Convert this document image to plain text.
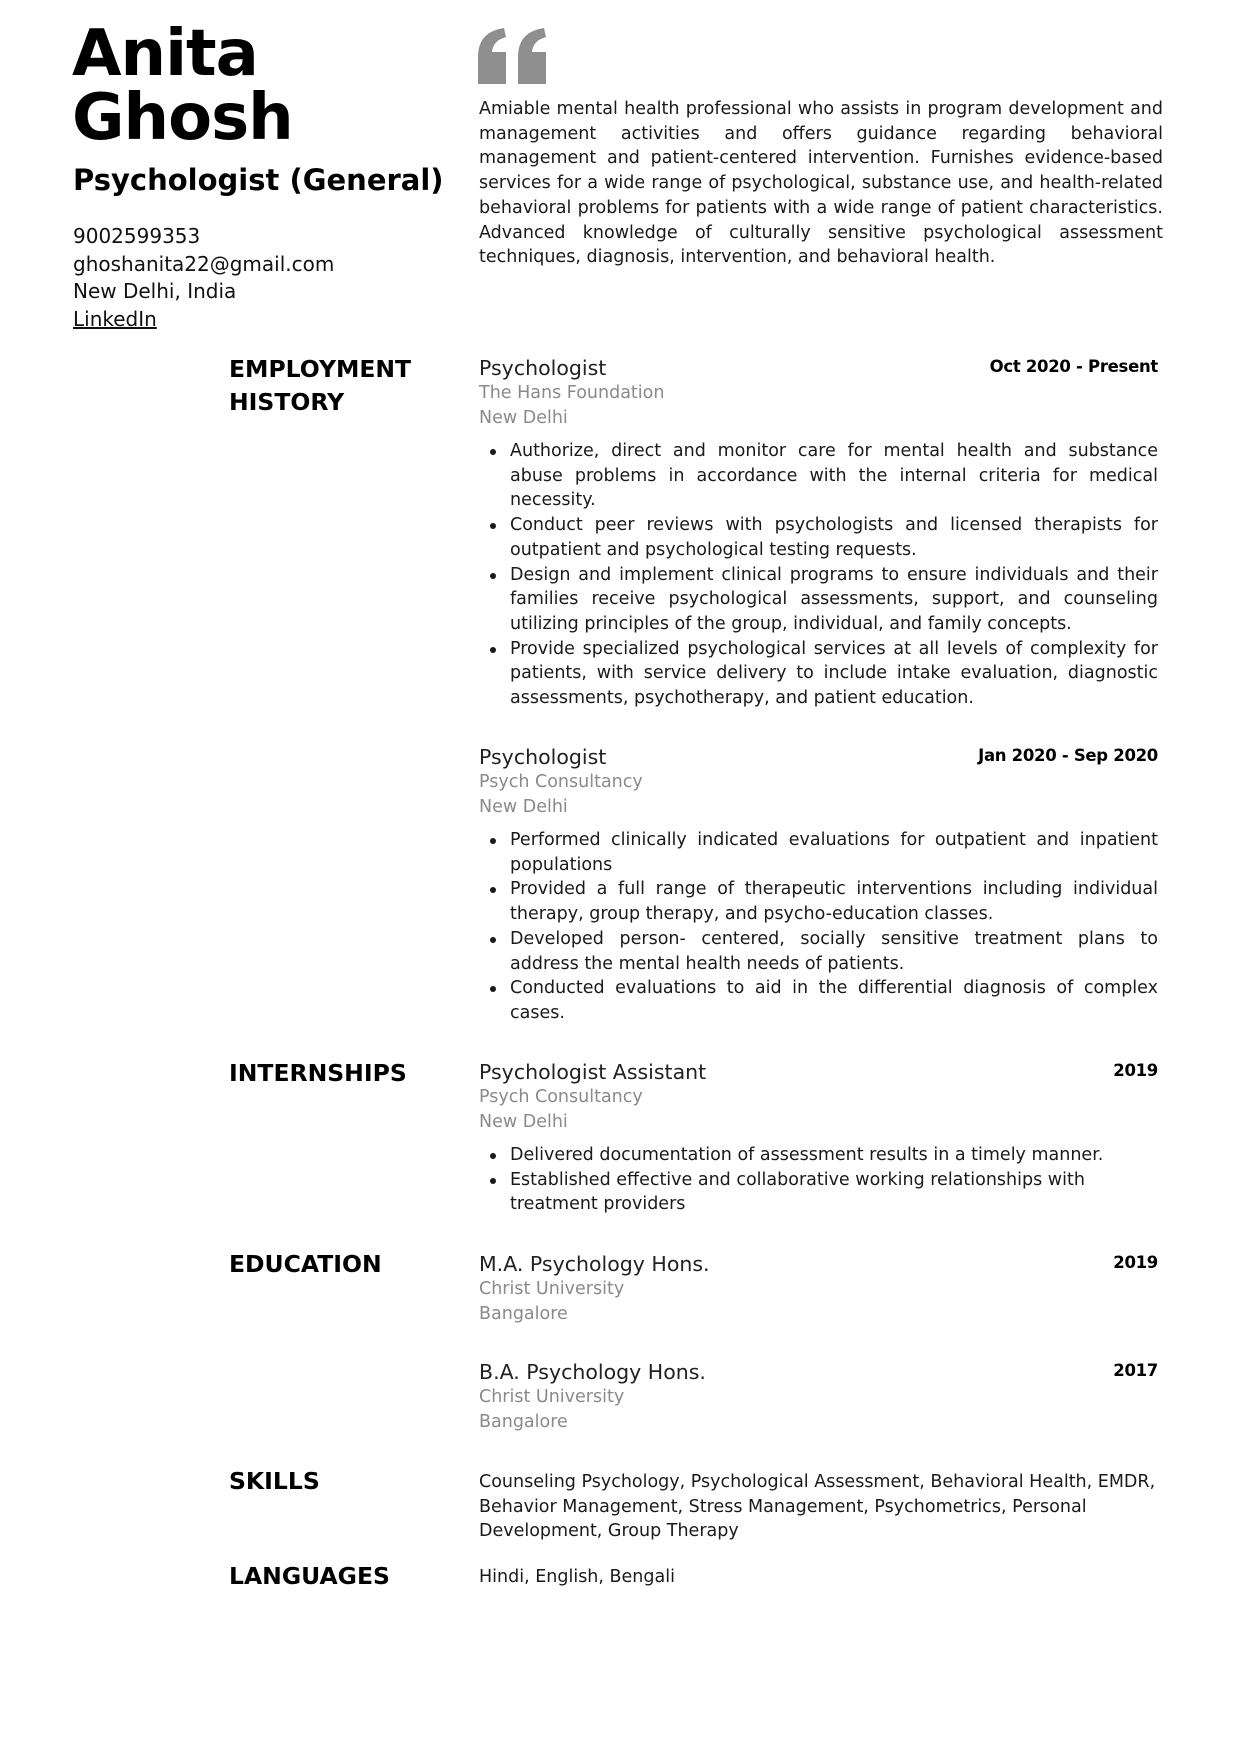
Anita
Ghosh
Psychologist (General)
9002599353
ghoshanita22@gmail.com
New Delhi, India
LinkedIn

Amiable mental health professional who assists in program development and management activities and offers guidance regarding behavioral management and patient-centered intervention. Furnishes evidence-based services for a wide range of psychological, substance use, and health-related behavioral problems for patients with a wide range of patient characteristics. Advanced knowledge of culturally sensitive psychological assessment techniques, diagnosis, intervention, and behavioral health.

EMPLOYMENT
HISTORY
Psychologist	Oct 2020 - Present
The Hans Foundation
New Delhi
Authorize, direct and monitor care for mental health and substance abuse problems in accordance with the internal criteria for medical necessity.
Conduct peer reviews with psychologists and licensed therapists for outpatient and psychological testing requests.
Design and implement clinical programs to ensure individuals and their families receive psychological assessments, support, and counseling utilizing principles of the group, individual, and family concepts.
Provide specialized psychological services at all levels of complexity for patients, with service delivery to include intake evaluation, diagnostic assessments, psychotherapy, and patient education.
Psychologist	Jan 2020 - Sep 2020
Psych Consultancy
New Delhi
Performed clinically indicated evaluations for outpatient and inpatient populations
Provided a full range of therapeutic interventions including individual therapy, group therapy, and psycho-education classes.
Developed person- centered, socially sensitive treatment plans to address the mental health needs of patients.
Conducted evaluations to aid in the differential diagnosis of complex cases.
INTERNSHIPS	Psychologist Assistant	2019
Psych Consultancy
New Delhi
Delivered documentation of assessment results in a timely manner.
Established effective and collaborative working relationships with treatment providers
EDUCATION	M.A. Psychology Hons.	2019
Christ University
Bangalore
B.A. Psychology Hons.	2017
Christ University
Bangalore
SKILLS	Counseling Psychology, Psychological Assessment, Behavioral Health, EMDR, Behavior Management, Stress Management, Psychometrics, Personal Development, Group Therapy

LANGUAGES	Hindi, English, Bengali
